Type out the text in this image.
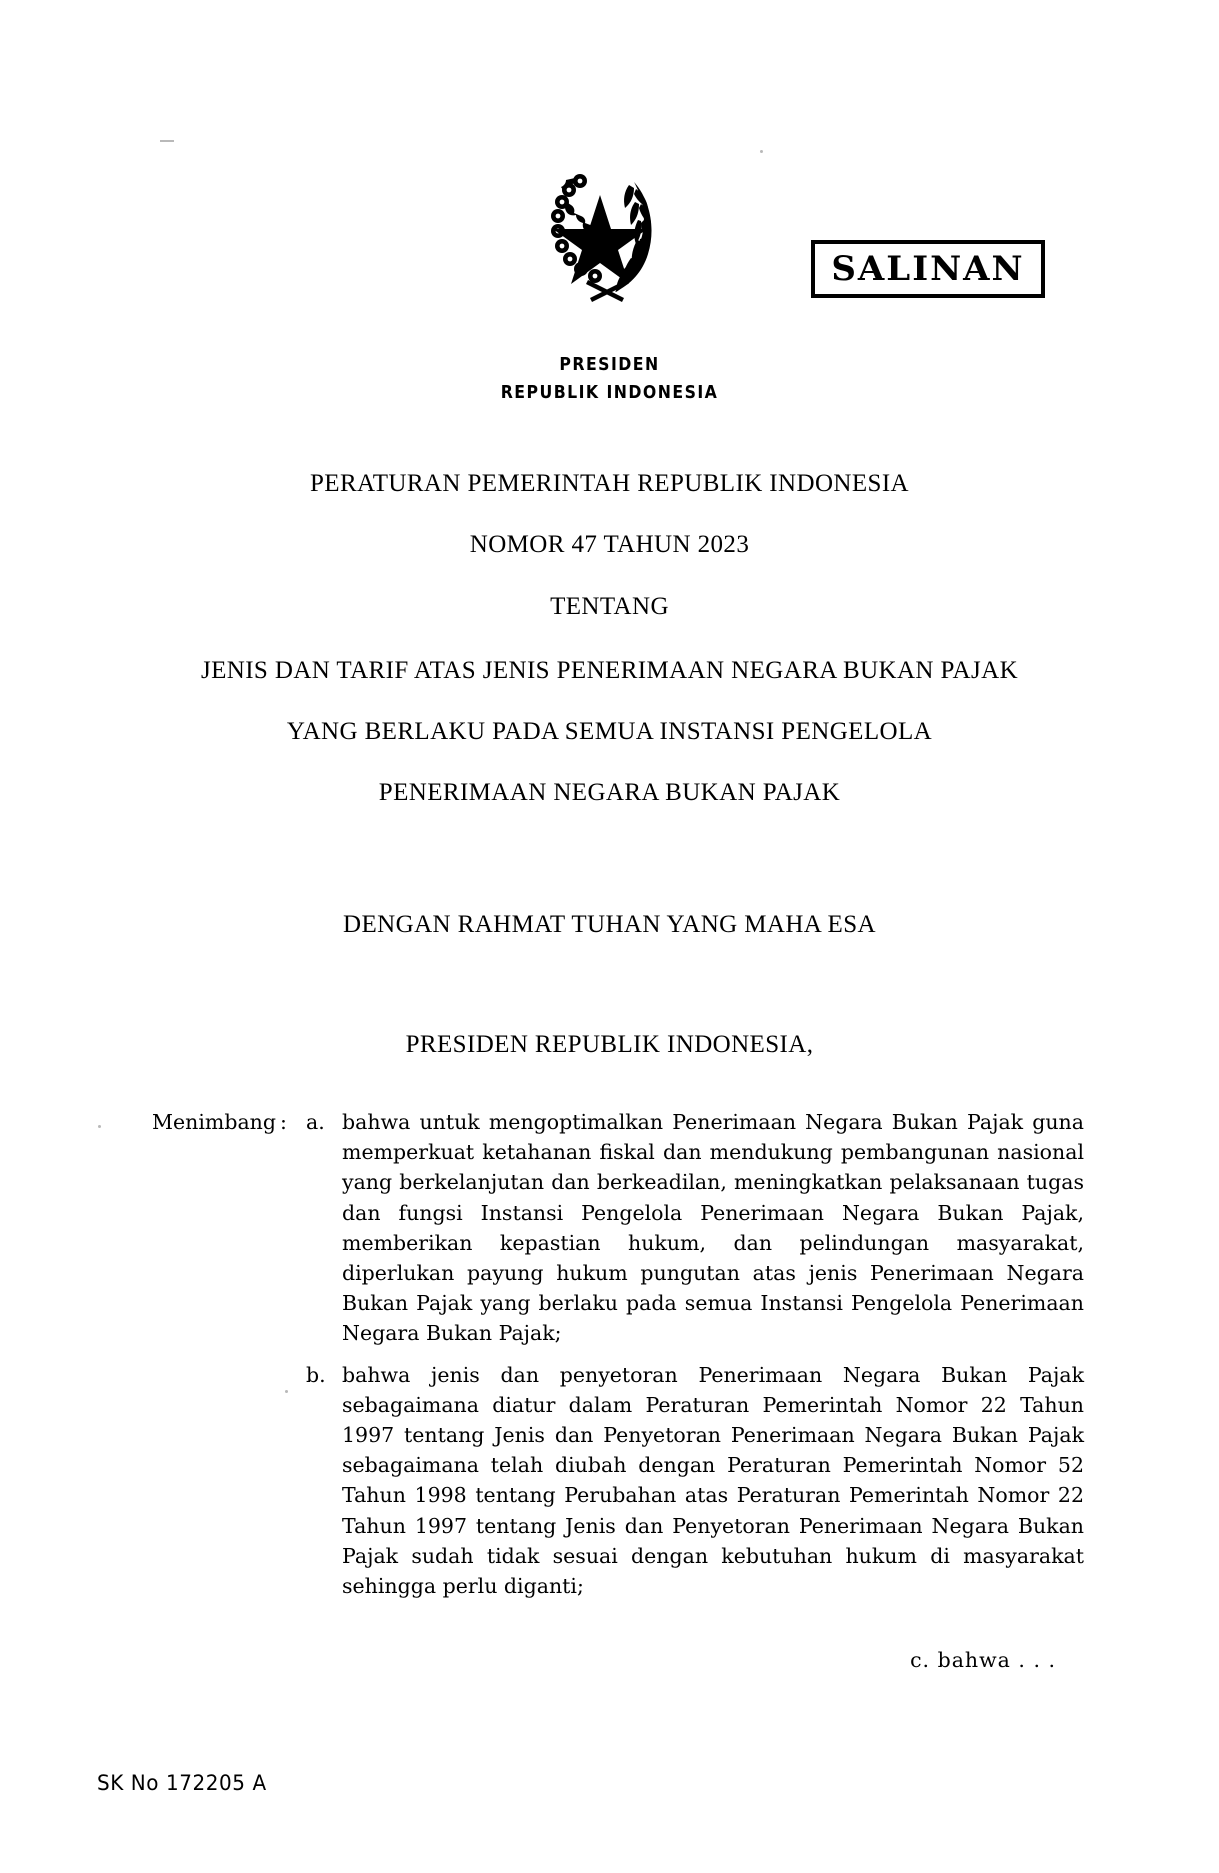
SALINAN
PRESIDEN
REPUBLIK INDONESIA
PERATURAN PEMERINTAH REPUBLIK INDONESIA
NOMOR 47 TAHUN 2023
TENTANG
JENIS DAN TARIF ATAS JENIS PENERIMAAN NEGARA BUKAN PAJAK
YANG BERLAKU PADA SEMUA INSTANSI PENGELOLA
PENERIMAAN NEGARA BUKAN PAJAK
DENGAN RAHMAT TUHAN YANG MAHA ESA
PRESIDEN REPUBLIK INDONESIA,
Menimbang : a. bahwa untuk mengoptimalkan Penerimaan Negara Bukan Pajak guna memperkuat ketahanan fiskal dan mendukung pembangunan nasional yang berkelanjutan dan berkeadilan, meningkatkan pelaksanaan tugas dan fungsi Instansi Pengelola Penerimaan Negara Bukan Pajak, memberikan kepastian hukum, dan pelindungan masyarakat, diperlukan payung hukum pungutan atas jenis Penerimaan Negara Bukan Pajak yang berlaku pada semua Instansi Pengelola Penerimaan Negara Bukan Pajak;
b. bahwa jenis dan penyetoran Penerimaan Negara Bukan Pajak sebagaimana diatur dalam Peraturan Pemerintah Nomor 22 Tahun 1997 tentang Jenis dan Penyetoran Penerimaan Negara Bukan Pajak sebagaimana telah diubah dengan Peraturan Pemerintah Nomor 52 Tahun 1998 tentang Perubahan atas Peraturan Pemerintah Nomor 22 Tahun 1997 tentang Jenis dan Penyetoran Penerimaan Negara Bukan Pajak sudah tidak sesuai dengan kebutuhan hukum di masyarakat sehingga perlu diganti;
c. bahwa . . .
SK No 172205 A
